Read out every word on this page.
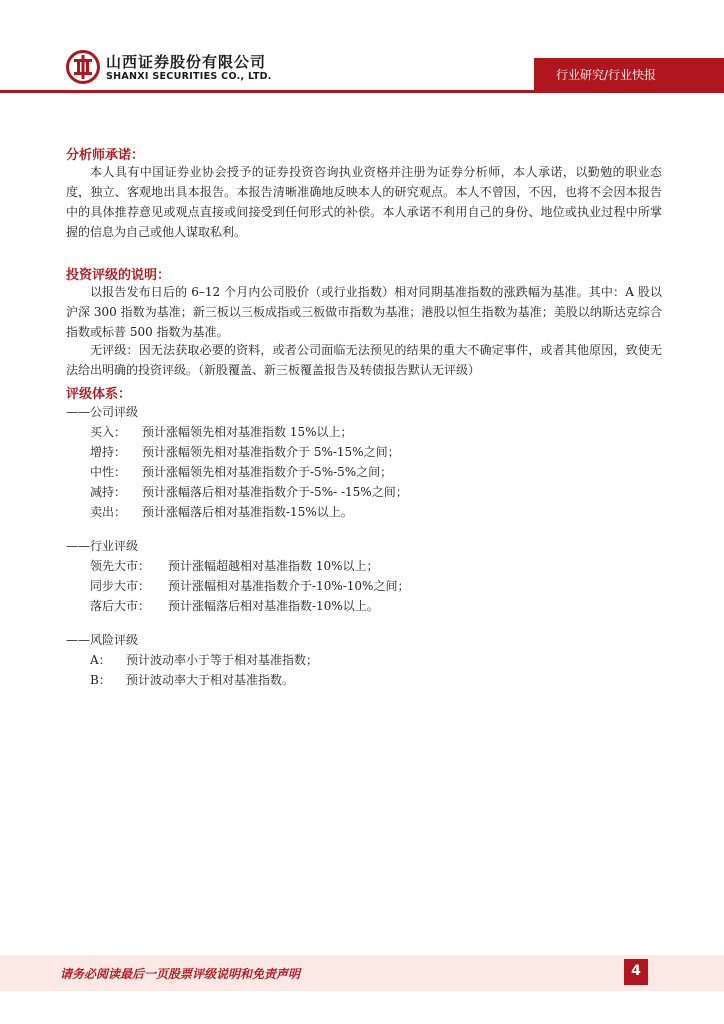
山西证券股份有限公司
SHANXI SECURITIES CO., LTD.	行业研究/行业快报
分析师承诺：

本人具有中国证券业协会授予的证券投资咨询执业资格并注册为证券分析师，本人承诺，以勤勉的职业态度，独立、客观地出具本报告。本报告清晰准确地反映本人的研究观点。本人不曾因，不因，也将不会因本报告中的具体推荐意见或观点直接或间接受到任何形式的补偿。本人承诺不利用自己的身份、地位或执业过程中所掌握的信息为自己或他人谋取私利。

投资评级的说明：

以报告发布日后的 6–12 个月内公司股价（或行业指数）相对同期基准指数的涨跌幅为基准。其中：A 股以沪深 300 指数为基准；新三板以三板成指或三板做市指数为基准；港股以恒生指数为基准；美股以纳斯达克综合指数或标普 500 指数为基准。

无评级：因无法获取必要的资料，或者公司面临无法预见的结果的重大不确定事件，或者其他原因，致使无法给出明确的投资评级。（新股覆盖、新三板覆盖报告及转债报告默认无评级）

评级体系：
——公司评级
买入： 预计涨幅领先相对基准指数 15%以上；
增持： 预计涨幅领先相对基准指数介于 5%-15%之间；
中性： 预计涨幅领先相对基准指数介于-5%-5%之间；
减持： 预计涨幅落后相对基准指数介于-5%- -15%之间；
卖出： 预计涨幅落后相对基准指数-15%以上。
——行业评级
领先大市： 预计涨幅超越相对基准指数 10%以上；
同步大市： 预计涨幅相对基准指数介于-10%-10%之间；
落后大市： 预计涨幅落后相对基准指数-10%以上。
——风险评级
A： 预计波动率小于等于相对基准指数；
B： 预计波动率大于相对基准指数。
请务必阅读最后一页股票评级说明和免责声明	4
